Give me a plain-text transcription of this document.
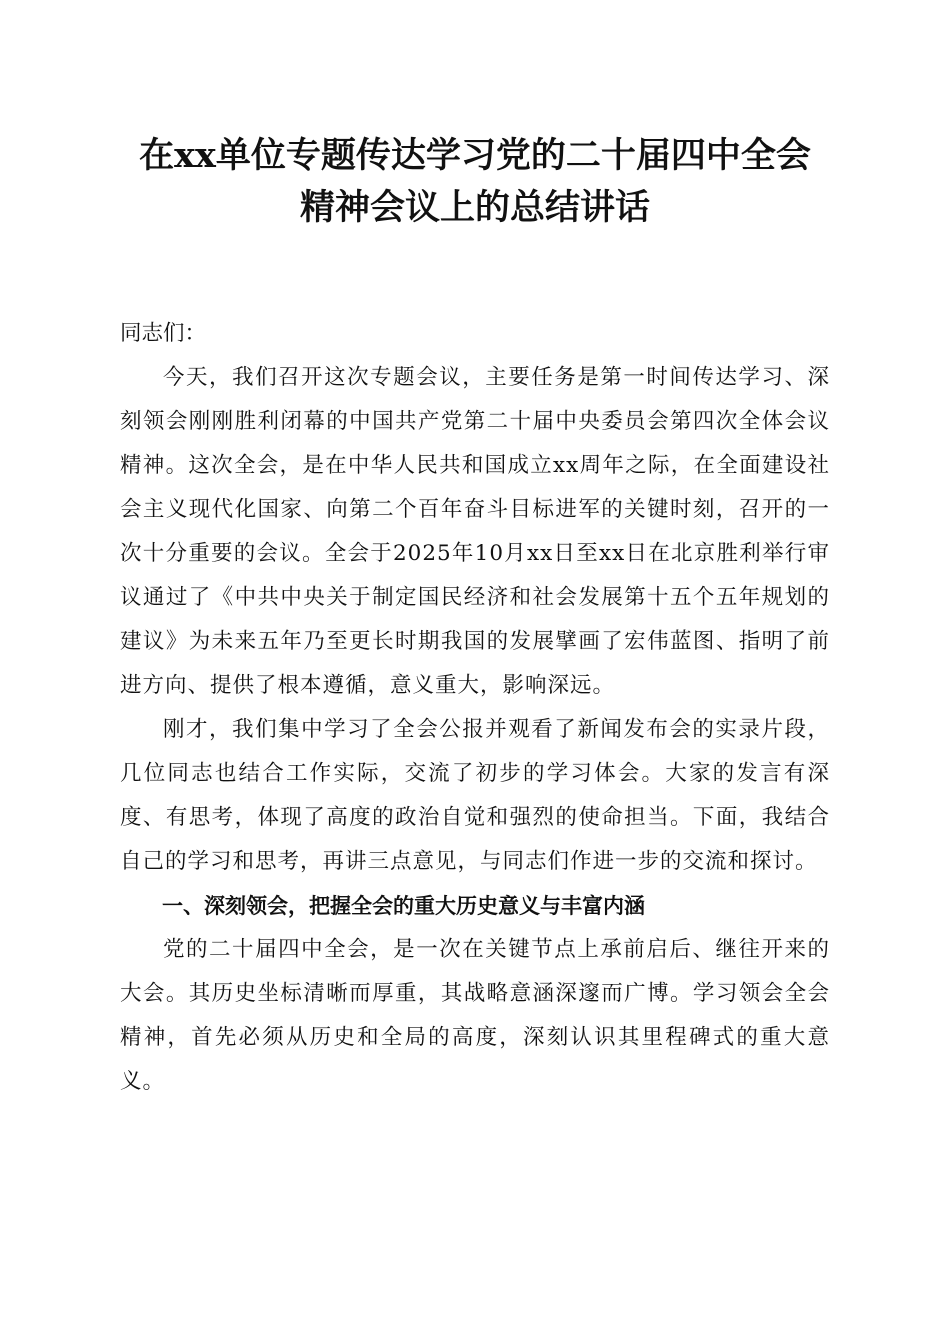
在xx单位专题传达学习党的二十届四中全会
精神会议上的总结讲话

同志们：

今天，我们召开这次专题会议，主要任务是第一时间传达学习、深刻领会刚刚胜利闭幕的中国共产党第二十届中央委员会第四次全体会议精神。这次全会，是在中华人民共和国成立xx周年之际，在全面建设社会主义现代化国家、向第二个百年奋斗目标进军的关键时刻，召开的一次十分重要的会议。全会于2025年10月xx日至xx日在北京胜利举行审议通过了《中共中央关于制定国民经济和社会发展第十五个五年规划的建议》为未来五年乃至更长时期我国的发展擘画了宏伟蓝图、指明了前进方向、提供了根本遵循，意义重大，影响深远。

刚才，我们集中学习了全会公报并观看了新闻发布会的实录片段，几位同志也结合工作实际，交流了初步的学习体会。大家的发言有深度、有思考，体现了高度的政治自觉和强烈的使命担当。下面，我结合自己的学习和思考，再讲三点意见，与同志们作进一步的交流和探讨。

一、深刻领会，把握全会的重大历史意义与丰富内涵

党的二十届四中全会，是一次在关键节点上承前启后、继往开来的大会。其历史坐标清晰而厚重，其战略意涵深邃而广博。学习领会全会精神，首先必须从历史和全局的高度，深刻认识其里程碑式的重大意义。
